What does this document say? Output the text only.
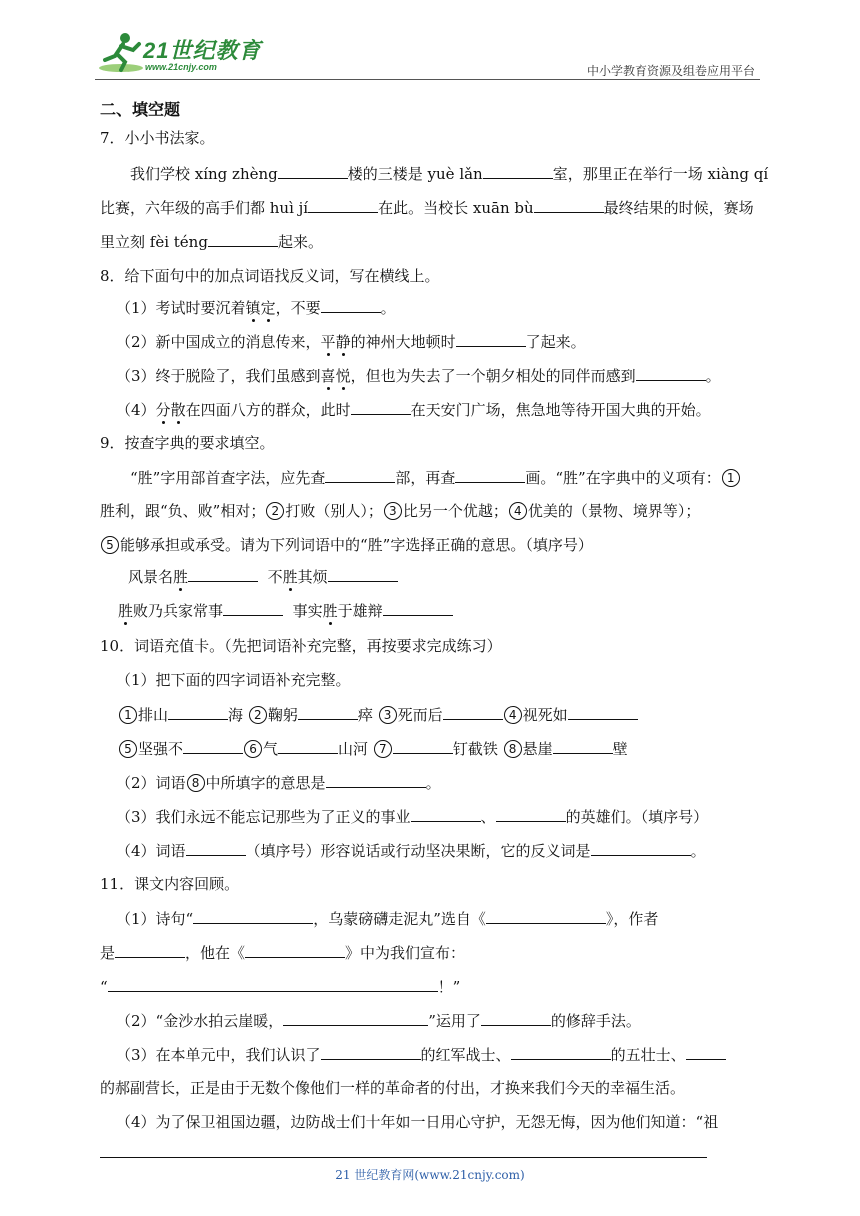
21世纪教育
www.21cnjy.com	中小学教育资源及组卷应用平台
二、填空题
7．小小书法家。
我们学校 xíng zhèng	楼的三楼是 yuè lǎn	室，那里正在举行一场 xiàng qí
比赛，六年级的高手们都 huì jí	在此。当校长 xuān bù	最终结果的时候，赛场
里立刻 fèi téng	起来。
8．给下面句中的加点词语找反义词，写在横线上。
（1）考试时要沉着镇定，不要	。
（2）新中国成立的消息传来，平静的神州大地顿时	了起来。
（3）终于脱险了，我们虽感到喜悦，但也为失去了一个朝夕相处的同伴而感到	。
（4）分散在四面八方的群众，此时	在天安门广场，焦急地等待开国大典的开始。
9．按查字典的要求填空。
“胜”字用部首查字法，应先查	部，再查	画。“胜”在字典中的义项有： 1
胜利，跟“负、败”相对； 2 打败（别人）； 3 比另一个优越； 4 优美的（景物、境界等）；
5 能够承担或承受。请为下列词语中的“胜”字选择正确的意思。（填序号）
风景名胜	不胜其烦
胜败乃兵家常事	事实胜于雄辩
10．词语充值卡。（先把词语补充完整，再按要求完成练习）
（1）把下面的四字词语补充完整。
1 排山	海 2 鞠躬	瘁 3 死而后	4 视死如
5 坚强不	6 气	山河 7	钉截铁 8 悬崖	壁
（2）词语 8 中所填字的意思是	。
（3）我们永远不能忘记那些为了正义的事业	、	的英雄们。（填序号）
（4）词语	（填序号）形容说话或行动坚决果断，它的反义词是	。
11．课文内容回顾。
（1）诗句“	，乌蒙磅礴走泥丸”选自《	》，作者
是	，他在《	》中为我们宣布：
“	！”
（2）“金沙水拍云崖暖，	”运用了	的修辞手法。
（3）在本单元中，我们认识了	的红军战士、	的五壮士、
的郝副营长，正是由于无数个像他们一样的革命者的付出，才换来我们今天的幸福生活。
（4）为了保卫祖国边疆，边防战士们十年如一日用心守护，无怨无悔，因为他们知道：“祖
21 世纪教育网(www.21cnjy.com)
